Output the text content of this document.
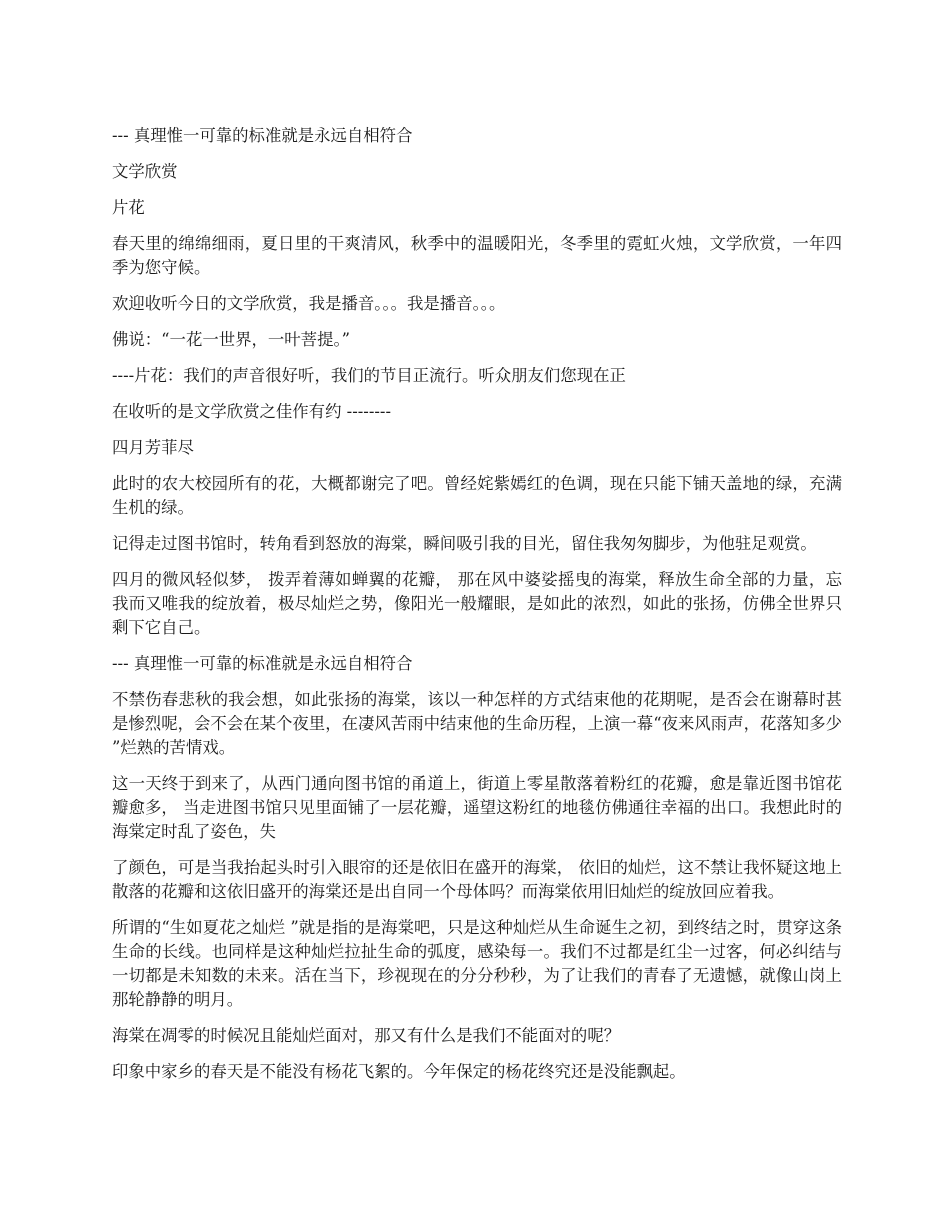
--- 真理惟一可靠的标准就是永远自相符合

文学欣赏

片花

春天里的绵绵细雨，夏日里的干爽清风，秋季中的温暖阳光，冬季里的霓虹火烛，文学欣赏，一年四季为您守候。

欢迎收听今日的文学欣赏，我是播音。。。我是播音。。。

佛说：“一花一世界，一叶菩提。”

----片花：我们的声音很好听，我们的节目正流行。听众朋友们您现在正

在收听的是文学欣赏之佳作有约 --------

四月芳菲尽

此时的农大校园所有的花，大概都谢完了吧。曾经姹紫嫣红的色调，现在只能下铺天盖地的绿，充满生机的绿。

记得走过图书馆时，转角看到怒放的海棠，瞬间吸引我的目光，留住我匆匆脚步，为他驻足观赏。

四月的微风轻似梦， 拨弄着薄如蝉翼的花瓣， 那在风中婆娑摇曳的海棠，释放生命全部的力量，忘我而又唯我的绽放着，极尽灿烂之势，像阳光一般耀眼，是如此的浓烈，如此的张扬，仿佛全世界只剩下它自己。

--- 真理惟一可靠的标准就是永远自相符合

不禁伤春悲秋的我会想，如此张扬的海棠，该以一种怎样的方式结束他的花期呢，是否会在谢幕时甚是惨烈呢，会不会在某个夜里，在凄风苦雨中结束他的生命历程，上演一幕“夜来风雨声，花落知多少 ”烂熟的苦情戏。

这一天终于到来了，从西门通向图书馆的甬道上，街道上零星散落着粉红的花瓣，愈是靠近图书馆花瓣愈多， 当走进图书馆只见里面铺了一层花瓣，遥望这粉红的地毯仿佛通往幸福的出口。我想此时的海棠定时乱了姿色，失

了颜色，可是当我抬起头时引入眼帘的还是依旧在盛开的海棠， 依旧的灿烂，这不禁让我怀疑这地上散落的花瓣和这依旧盛开的海棠还是出自同一个母体吗？而海棠依用旧灿烂的绽放回应着我。

所谓的“生如夏花之灿烂 ”就是指的是海棠吧，只是这种灿烂从生命诞生之初，到终结之时，贯穿这条生命的长线。也同样是这种灿烂拉扯生命的弧度，感染每一。我们不过都是红尘一过客，何必纠结与一切都是未知数的未来。活在当下，珍视现在的分分秒秒，为了让我们的青春了无遗憾，就像山岗上那轮静静的明月。

海棠在凋零的时候况且能灿烂面对，那又有什么是我们不能面对的呢？

印象中家乡的春天是不能没有杨花飞絮的。今年保定的杨花终究还是没能飘起。
